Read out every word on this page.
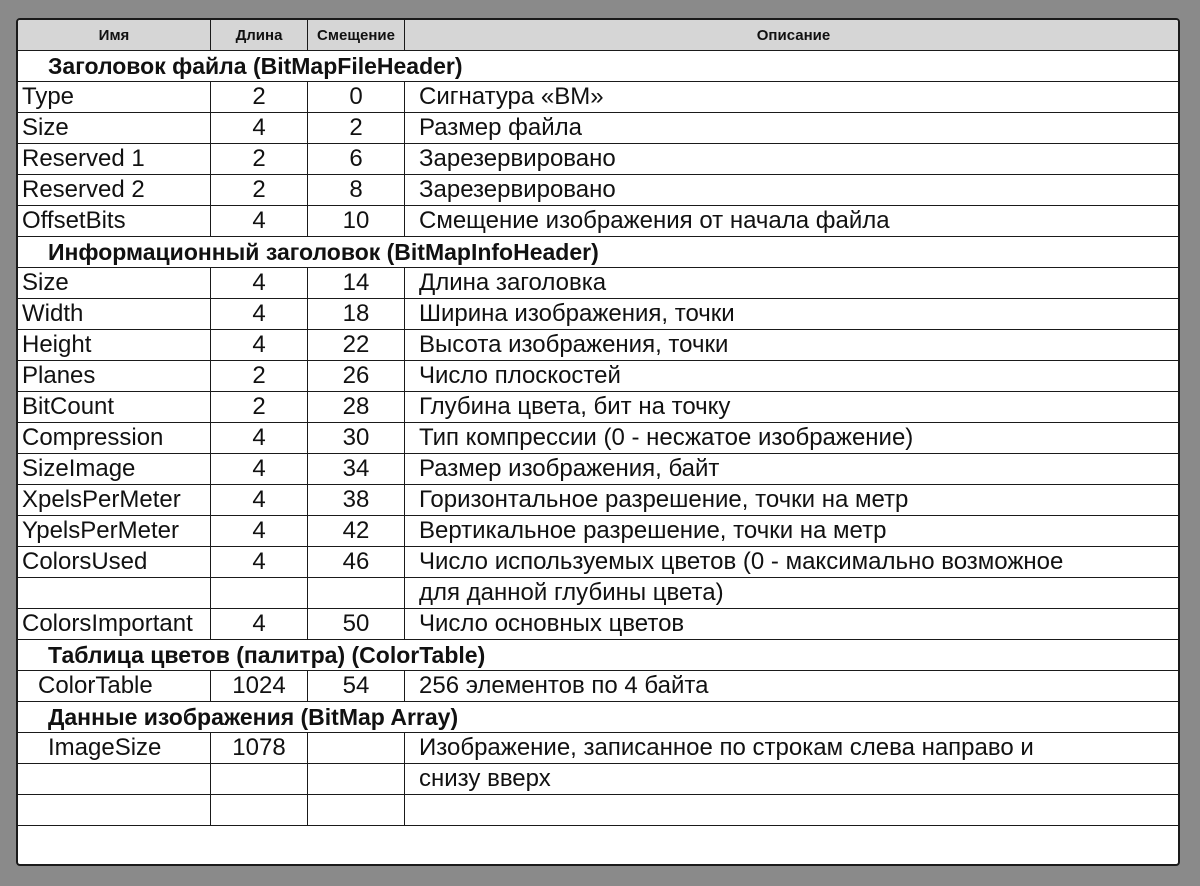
Имя	Длина	Смещение	Описание
Заголовок файла (BitMapFileHeader)			
Type	2	0	Сигнатура «BM»
Size	4	2	Размер файла
Reserved 1	2	6	Зарезервировано
Reserved 2	2	8	Зарезервировано
OffsetBits	4	10	Смещение изображения от начала файла
Информационный заголовок (BitMapInfoHeader)			
Size	4	14	Длина заголовка
Width	4	18	Ширина изображения, точки
Height	4	22	Высота изображения, точки
Planes	2	26	Число плоскостей
BitCount	2	28	Глубина цвета, бит на точку
Compression	4	30	Тип компрессии (0 - несжатое изображение)
SizeImage	4	34	Размер изображения, байт
XpelsPerMeter	4	38	Горизонтальное разрешение, точки на метр
YpelsPerMeter	4	42	Вертикальное разрешение, точки на метр
ColorsUsed	4	46	Число используемых цветов (0 - максимально возможное
			для данной глубины цвета)
ColorsImportant	4	50	Число основных цветов
Таблица цветов (палитра) (ColorTable)			
ColorTable	1024	54	256 элементов по 4 байта
Данные изображения (BitMap Array)			
ImageSize	1078		Изображение, записанное по строкам слева направо и
			снизу вверх
